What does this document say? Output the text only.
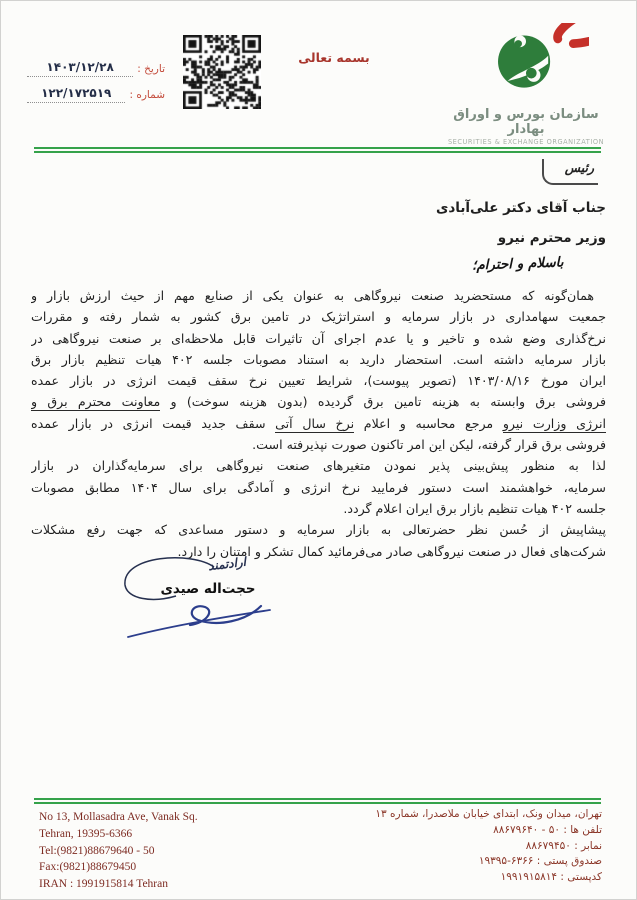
سازمان بورس و اوراق بهادار
SECURITIES & EXCHANGE ORGANIZATION
بسمه تعالی
تاریخ :
۱۴۰۳/۱۲/۲۸
شماره :
۱۲۲/۱۷۲۵۱۹
رئیس
جناب آقای دکتر علی‌آبادی
وزیر محترم نیرو
باسلام و احترام؛
همان‌گونه که مستحضرید صنعت نیروگاهی به عنوان یکی از صنایع مهم از حیث ارزش بازار و
جمعیت سهامداری در بازار سرمایه و استراتژیک در تامین برق کشور به شمار رفته و مقررات
نرخ‌گذاری وضع شده و تاخیر و یا عدم اجرای آن تاثیرات قابل ملاحظه‌ای بر صنعت نیروگاهی در
بازار سرمایه داشته است. استحضار دارید به استناد مصوبات جلسه ۴۰۲ هیات تنظیم بازار برق
ایران مورخ ۱۴۰۳/۰۸/۱۶ (تصویر پیوست)، شرایط تعیین نرخ سقف قیمت انرژی در بازار عمده
فروشی برق وابسته به هزینه تامین برق گردیده (بدون هزینه سوخت) و معاونت محترم برق و
انرژی وزارت نیرو مرجع محاسبه و اعلام نرخ سال آتی سقف جدید قیمت انرژی در بازار عمده
فروشی برق قرار گرفته، لیکن این امر تاکنون صورت نپذیرفته است.
لذا به منظور پیش‌بینی پذیر نمودن متغیرهای صنعت نیروگاهی برای سرمایه‌گذاران در بازار
سرمایه، خواهشمند است دستور فرمایید نرخ انرژی و آمادگی برای سال ۱۴۰۴ مطابق مصوبات
جلسه ۴۰۲ هیات تنظیم بازار برق ایران اعلام گردد.
پیشاپیش از حُسن نظر حضرتعالی به بازار سرمایه و دستور مساعدی که جهت رفع مشکلات
شرکت‌های فعال در صنعت نیروگاهی صادر می‌فرمائید کمال تشکر و امتنان را دارد.
ارادتمند
حجت‌اله صیدی
No 13, Mollasadra Ave, Vanak Sq.
Tehran, 19395-6366
Tel:(9821)88679640 - 50
Fax:(9821)88679450
IRAN : 1991915814 Tehran
تهران، میدان ونک، ابتدای خیابان ملاصدرا، شماره ۱۳
تلفن ها : ۵۰ - ۸۸۶۷۹۶۴۰
نمابر : ۸۸۶۷۹۴۵۰
صندوق پستی : ۶۳۶۶-۱۹۳۹۵
کدپستی : ۱۹۹۱۹۱۵۸۱۴
